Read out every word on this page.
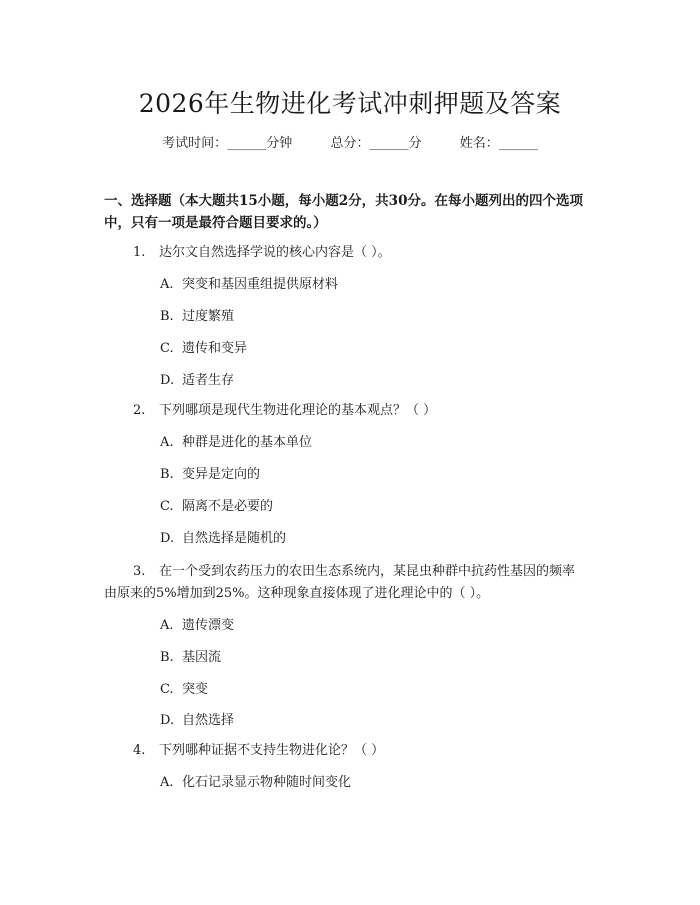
2026年生物进化考试冲刺押题及答案
考试时间：______分钟	总分：______分	姓名：______
一、选择题（本大题共15小题，每小题2分，共30分。在每小题列出的四个选项中，只有一项是最符合题目要求的。）
1. 达尔文自然选择学说的核心内容是（ ）。
A. 突变和基因重组提供原材料
B. 过度繁殖
C. 遗传和变异
D. 适者生存
2. 下列哪项是现代生物进化理论的基本观点？（ ）
A. 种群是进化的基本单位
B. 变异是定向的
C. 隔离不是必要的
D. 自然选择是随机的
3. 在一个受到农药压力的农田生态系统内，某昆虫种群中抗药性基因的频率
由原来的5%增加到25%。这种现象直接体现了进化理论中的（ ）。
A. 遗传漂变
B. 基因流
C. 突变
D. 自然选择
4. 下列哪种证据不支持生物进化论？（ ）
A. 化石记录显示物种随时间变化
